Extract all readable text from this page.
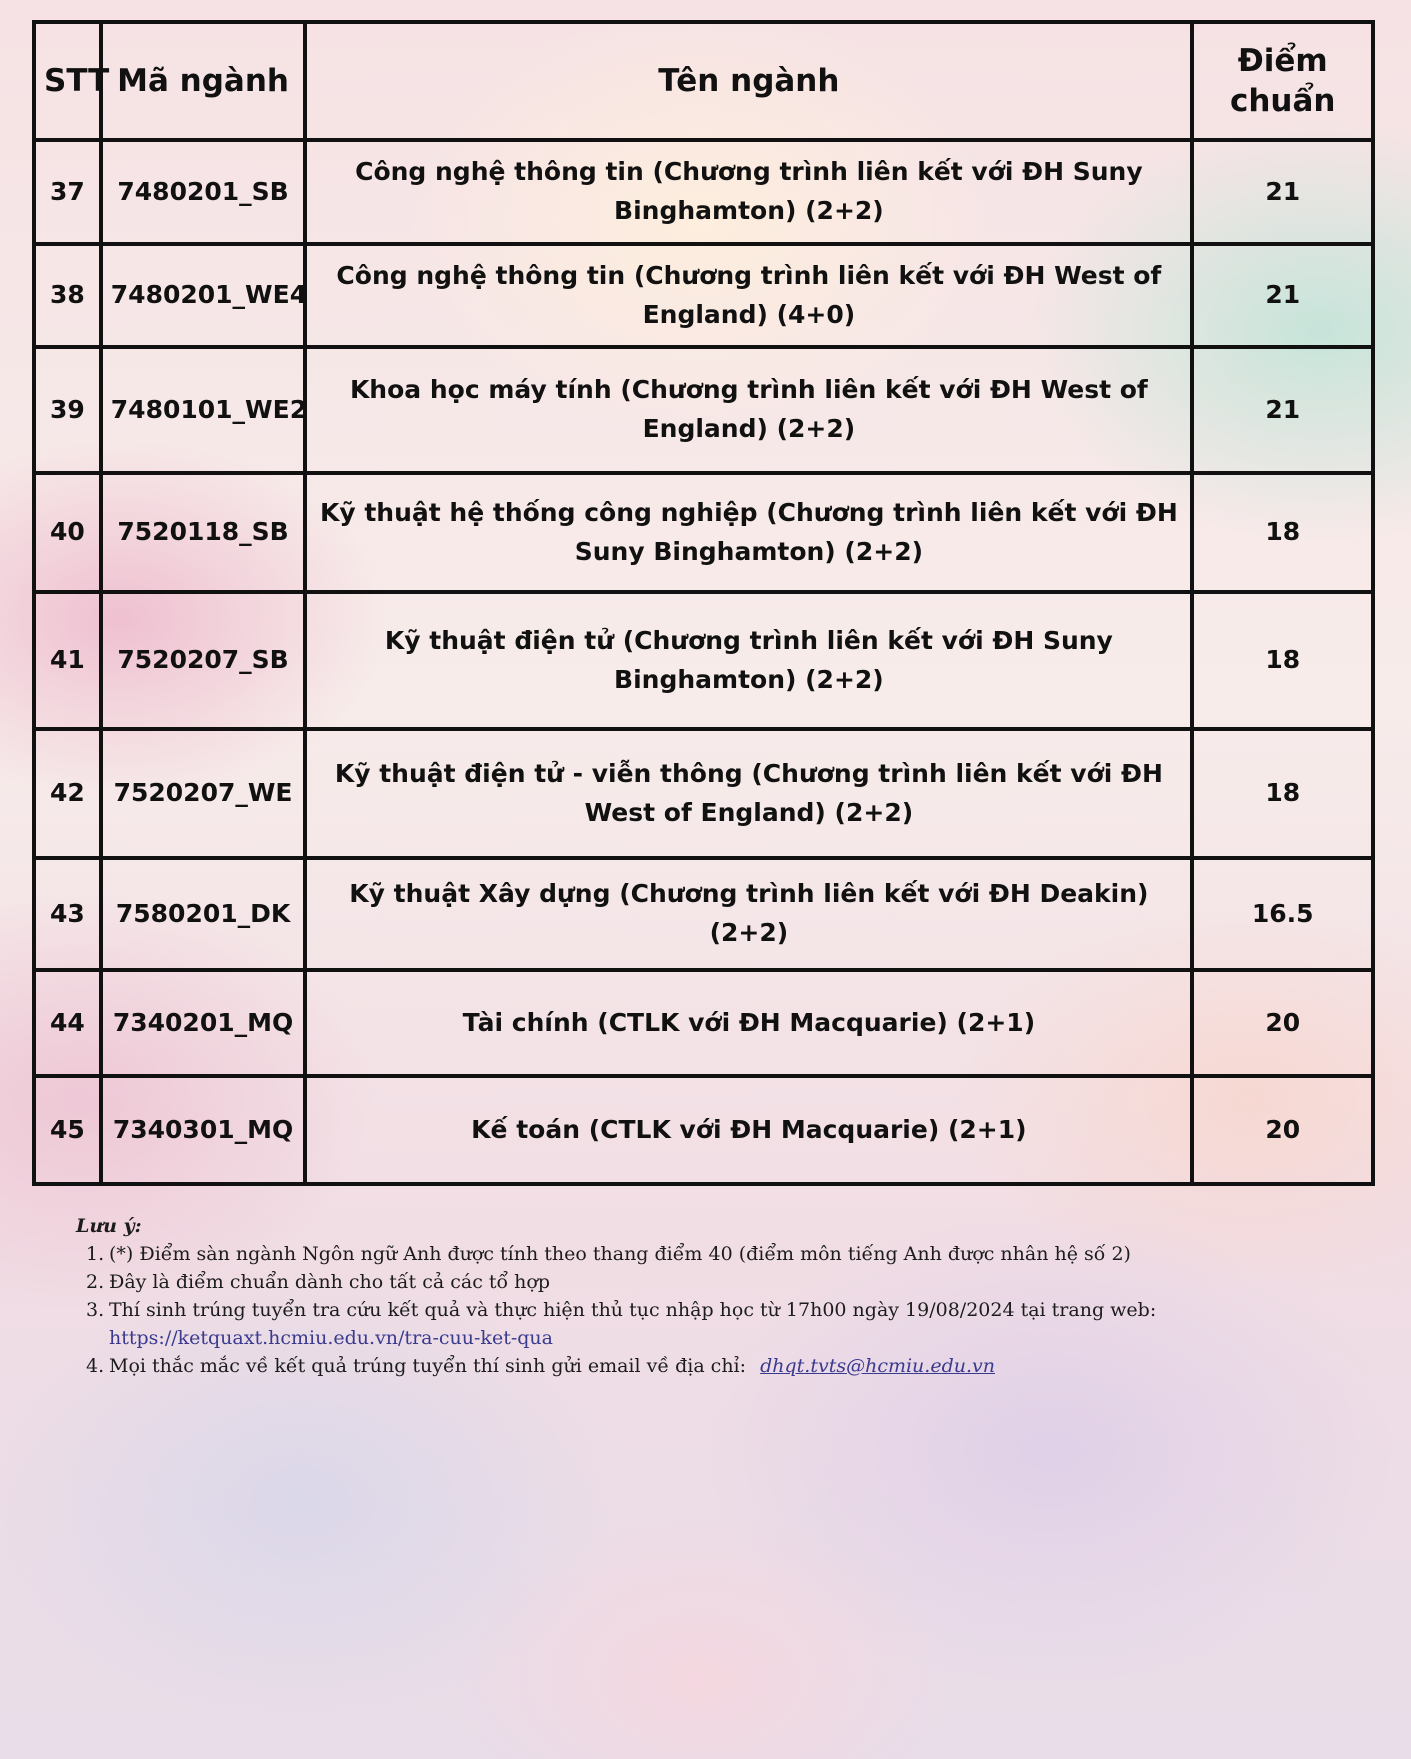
STT	Mã ngành	Tên ngành	Điểm
chuẩn
37	7480201_SB	Công nghệ thông tin (Chương trình liên kết với ĐH Suny
Binghamton) (2+2)	21
38	7480201_WE4	Công nghệ thông tin (Chương trình liên kết với ĐH West of
England) (4+0)	21
39	7480101_WE2	Khoa học máy tính (Chương trình liên kết với ĐH West of
England) (2+2)	21
40	7520118_SB	Kỹ thuật hệ thống công nghiệp (Chương trình liên kết với ĐH
Suny Binghamton) (2+2)	18
41	7520207_SB	Kỹ thuật điện tử (Chương trình liên kết với ĐH Suny
Binghamton) (2+2)	18
42	7520207_WE	Kỹ thuật điện tử - viễn thông (Chương trình liên kết với ĐH
West of England) (2+2)	18
43	7580201_DK	Kỹ thuật Xây dựng (Chương trình liên kết với ĐH Deakin) (2+2)	16.5
44	7340201_MQ	Tài chính (CTLK với ĐH Macquarie) (2+1)	20
45	7340301_MQ	Kế toán (CTLK với ĐH Macquarie) (2+1)	20
Lưu ý:
1. (*) Điểm sàn ngành Ngôn ngữ Anh được tính theo thang điểm 40 (điểm môn tiếng Anh được nhân hệ số 2)
2. Đây là điểm chuẩn dành cho tất cả các tổ hợp
3. Thí sinh trúng tuyển tra cứu kết quả và thực hiện thủ tục nhập học từ 17h00 ngày 19/08/2024 tại trang web:
https://ketquaxt.hcmiu.edu.vn/tra-cuu-ket-qua
4. Mọi thắc mắc về kết quả trúng tuyển thí sinh gửi email về địa chỉ: dhqt.tvts@hcmiu.edu.vn
